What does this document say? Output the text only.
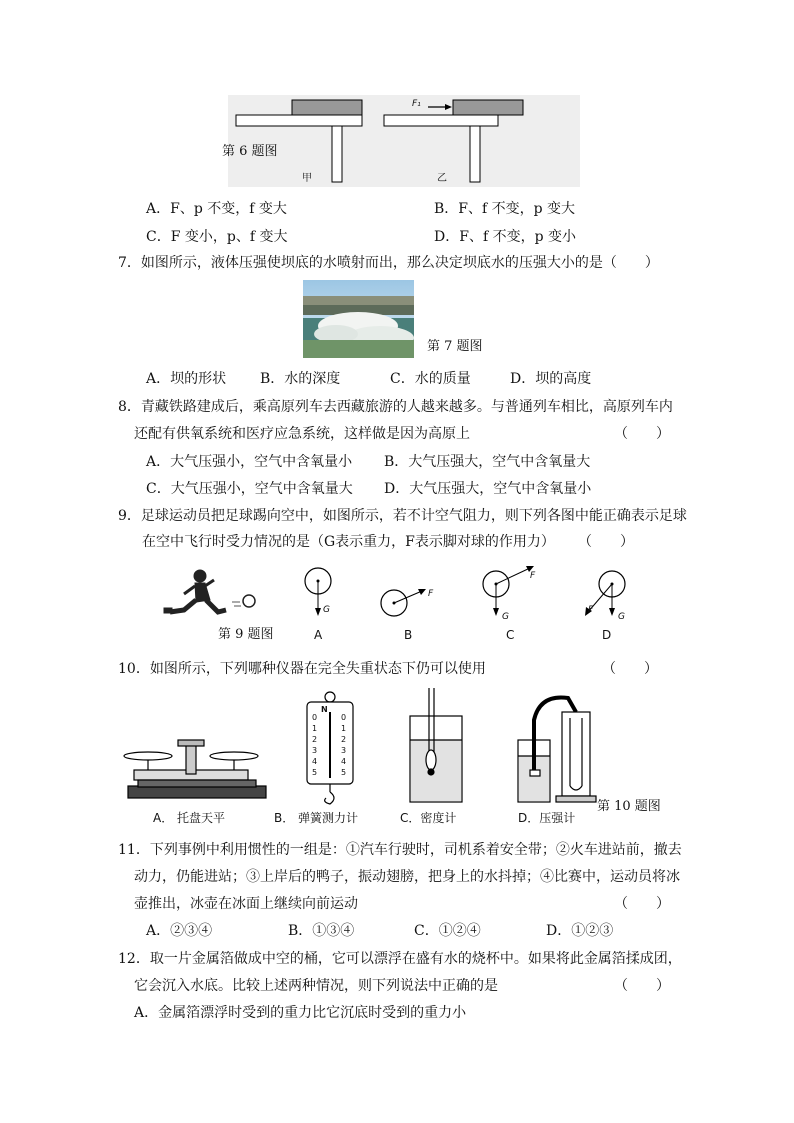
第 6 题图
甲	乙
F₁
A．F、p 不变，f 变大	B．F、f 不变，p 变大
C．F 变小，p、f 变大	D．F、f 不变，p 变小
7．如图所示，液体压强使坝底的水喷射而出，那么决定坝底水的压强大小的是（　　）
第 7 题图
A．坝的形状 B．水的深度	C．水的质量	D．坝的高度
8．青藏铁路建成后，乘高原列车去西藏旅游的人越来越多。与普通列车相比，高原列车内
还配有供氧系统和医疗应急系统，这样做是因为高原上	（　　）
A．大气压强小，空气中含氧量小 B．大气压强大，空气中含氧量大
C．大气压强小，空气中含氧量大 D．大气压强大，空气中含氧量小
9．足球运动员把足球踢向空中，如图所示，若不计空气阻力，则下列各图中能正确表示足球
在空中飞行时受力情况的是（G表示重力，F表示脚对球的作用力） （　　）
第 9 题图	A	B	C	D
G
F
G
F
G
F
10．如图所示，下列哪种仪器在完全失重状态下仍可以使用	（　　）
N
0
1
2
3
4
5
0
1
2
3
4
5
A． 托盘天平	B． 弹簧测力计	C．密度计	D．压强计
第 10 题图
11．下列事例中利用惯性的一组是：①汽车行驶时，司机系着安全带；②火车进站前，撤去
动力，仍能进站；③上岸后的鸭子，振动翅膀，把身上的水抖掉；④比赛中，运动员将冰
壶推出，冰壶在冰面上继续向前运动	（　　）
A．②③④	B．①③④	C．①②④	D．①②③
12．取一片金属箔做成中空的桶，它可以漂浮在盛有水的烧杯中。如果将此金属箔揉成团，
它会沉入水底。比较上述两种情况，则下列说法中正确的是	（　　）
A．金属箔漂浮时受到的重力比它沉底时受到的重力小
